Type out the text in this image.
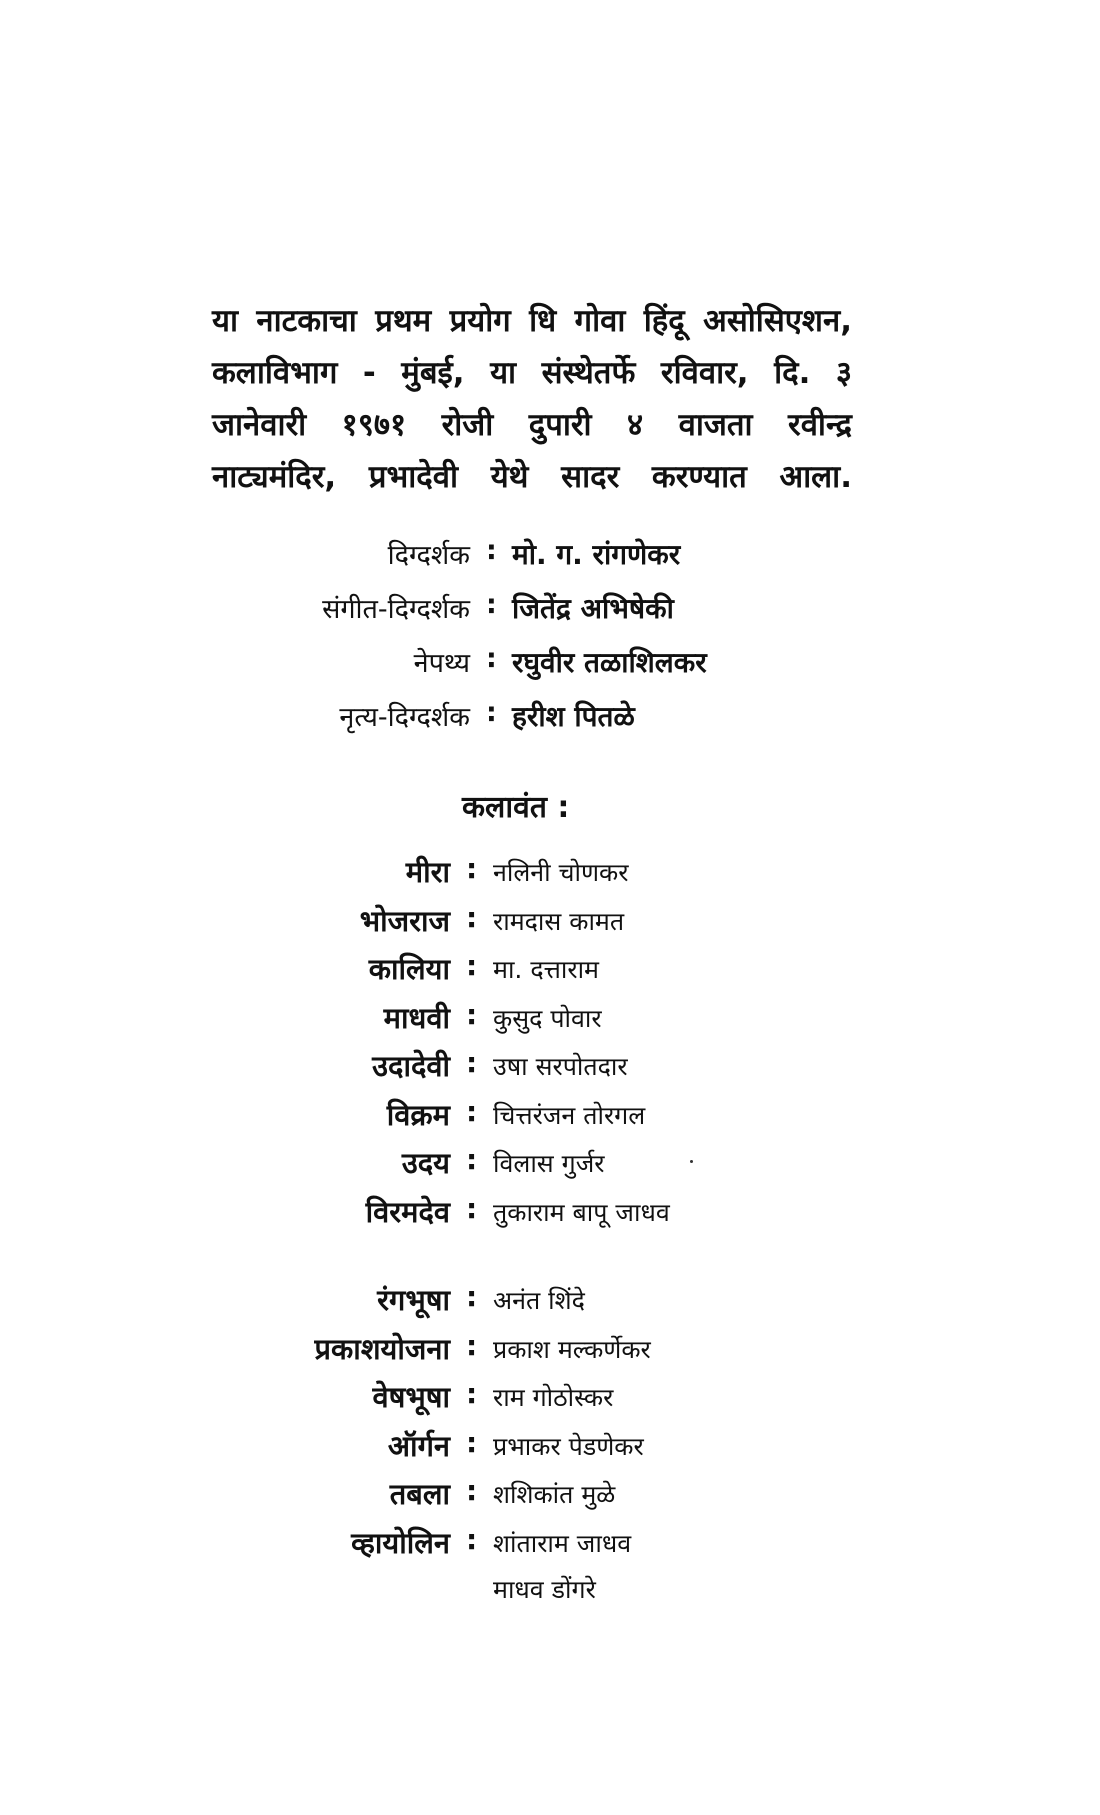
या नाटकाचा प्रथम प्रयोग धि गोवा हिंदू असोसिएशन,
कलाविभाग - मुंबई, या संस्थेतर्फे रविवार, दि. ३
जानेवारी १९७१ रोजी दुपारी ४ वाजता रवीन्द्र
नाट्यमंदिर, प्रभादेवी येथे सादर करण्यात आला.
दिग्दर्शक : मो. ग. रांगणेकर
संगीत-दिग्दर्शक : जितेंद्र अभिषेकी
नेपथ्य : रघुवीर तळाशिलकर
नृत्य-दिग्दर्शक : हरीश पितळे
कलावंत :
मीरा : नलिनी चोणकर
भोजराज : रामदास कामत
कालिया : मा. दत्ताराम
माधवी : कुसुद पोवार
उदादेवी : उषा सरपोतदार
विक्रम : चित्तरंजन तोरगल
उदय : विलास गुर्जर
विरमदेव : तुकाराम बापू जाधव
रंगभूषा : अनंत शिंदे
प्रकाशयोजना : प्रकाश मल्कर्णेकर
वेषभूषा : राम गोठोस्कर
ऑर्गन : प्रभाकर पेडणेकर
तबला : शशिकांत मुळे
व्हायोलिन : शांताराम जाधव
माधव डोंगरे
